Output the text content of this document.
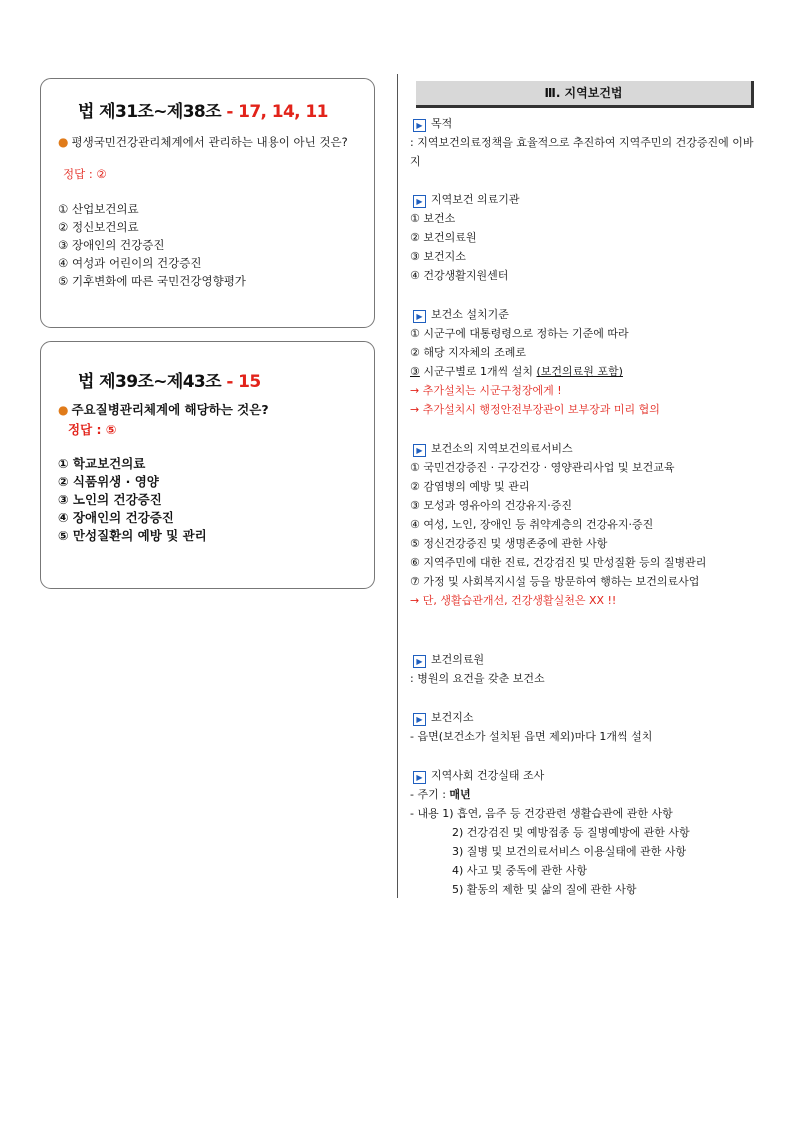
법 제31조~제38조 - 17, 14, 11
● 평생국민건강관리체계에서 관리하는 내용이 아닌 것은?
정답 : ②
① 산업보건의료
② 정신보건의료
③ 장애인의 건강증진
④ 여성과 어린이의 건강증진
⑤ 기후변화에 따른 국민건강영향평가
법 제39조~제43조 - 15
● 주요질병관리체계에 해당하는 것은?
정답 : ⑤
① 학교보건의료
② 식품위생 · 영양
③ 노인의 건강증진
④ 장애인의 건강증진
⑤ 만성질환의 예방 및 관리
Ⅲ. 지역보건법

▶ 목적

: 지역보건의료정책을 효율적으로 추진하여 지역주민의 건강증진에 이바지

▶ 지역보건 의료기관

① 보건소

② 보건의료원

③ 보건지소

④ 건강생활지원센터

▶ 보건소 설치기준

① 시군구에 대통령령으로 정하는 기준에 따라

② 해당 지자체의 조례로

③ 시군구별로 1개씩 설치 (보건의료원 포함)

→ 추가설치는 시군구청장에게 !

→ 추가설치시 행정안전부장관이 보부장과 미리 협의

▶ 보건소의 지역보건의료서비스

① 국민건강증진 · 구강건강 · 영양관리사업 및 보건교육

② 감염병의 예방 및 관리

③ 모성과 영유아의 건강유지·증진

④ 여성, 노인, 장애인 등 취약계층의 건강유지·증진

⑤ 정신건강증진 및 생명존중에 관한 사항

⑥ 지역주민에 대한 진료, 건강검진 및 만성질환 등의 질병관리

⑦ 가정 및 사회복지시설 등을 방문하여 행하는 보건의료사업

→ 단, 생활습관개선, 건강생활실천은 XX !!

▶ 보건의료원

: 병원의 요건을 갖춘 보건소

▶ 보건지소

- 읍면(보건소가 설치된 읍면 제외)마다 1개씩 설치

▶ 지역사회 건강실태 조사

- 주기 : 매년

- 내용 1) 흡연, 음주 등 건강관련 생활습관에 관한 사항

2) 건강검진 및 예방접종 등 질병예방에 관한 사항

3) 질병 및 보건의료서비스 이용실태에 관한 사항

4) 사고 및 중독에 관한 사항

5) 활동의 제한 및 삶의 질에 관한 사항
